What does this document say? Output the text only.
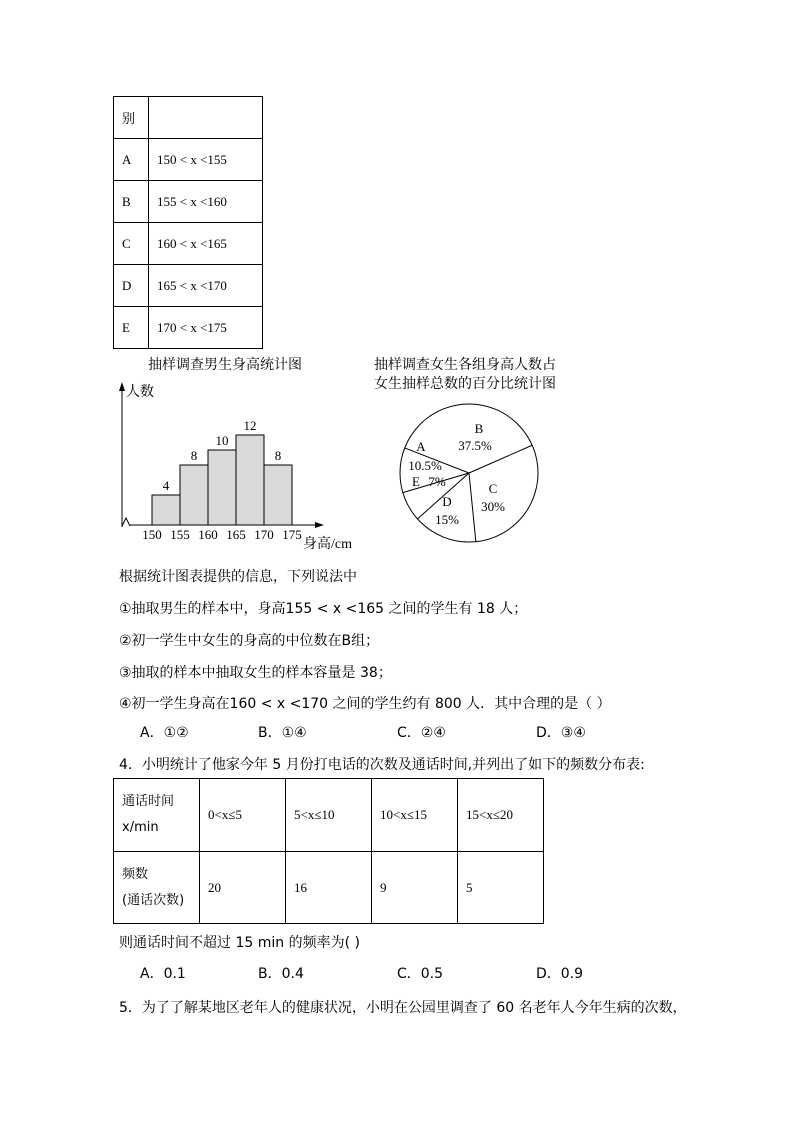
别	
A	150 < x <155
B	155 < x <160
C	160 < x <165
D	165 < x <170
E	170 < x <175
抽样调查男生身高统计图	抽样调查女生各组身高人数占
女生抽样总数的百分比统计图
人数
身高/cm
4
8
10
12
8
150 155 160 165 170 175
A
10.5%
B
37.5%
C
30%
D
15%
E 7%
根据统计图表提供的信息，下列说法中
①抽取男生的样本中，身高155 < x <165 之间的学生有 18 人；
②初一学生中女生的身高的中位数在B组；
③抽取的样本中抽取女生的样本容量是 38；
④初一学生身高在160 < x <170 之间的学生约有 800 人．其中合理的是（ ）
A．①②	B．①④	C．②④	D．③④
4．小明统计了他家今年 5 月份打电话的次数及通话时间,并列出了如下的频数分布表:
通话时间
x/min	0<x≤5	5<x≤10	10<x≤15	15<x≤20

频数
(通话次数)	20	16	9	5
则通话时间不超过 15 min 的频率为( )
A．0.1	B．0.4	C．0.5	D．0.9
5．为了了解某地区老年人的健康状况，小明在公园里调查了 60 名老年人今年生病的次数，
